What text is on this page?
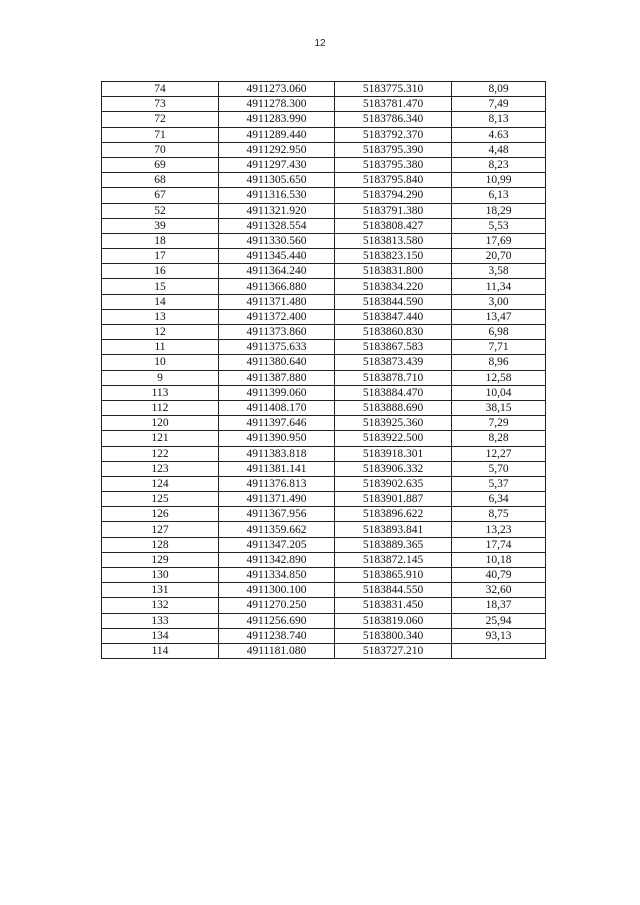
12
74	4911273.060	5183775.310	8,09
73	4911278.300	5183781.470	7,49
72	4911283.990	5183786.340	8,13
71	4911289.440	5183792.370	4.63
70	4911292.950	5183795.390	4,48
69	4911297.430	5183795.380	8,23
68	4911305.650	5183795.840	10,99
67	4911316.530	5183794.290	6,13
52	4911321.920	5183791.380	18,29
39	4911328.554	5183808.427	5,53
18	4911330.560	5183813.580	17,69
17	4911345.440	5183823.150	20,70
16	4911364.240	5183831.800	3,58
15	4911366.880	5183834.220	11,34
14	4911371.480	5183844.590	3,00
13	4911372.400	5183847.440	13,47
12	4911373.860	5183860.830	6,98
11	4911375.633	5183867.583	7,71
10	4911380.640	5183873.439	8,96
9	4911387.880	5183878.710	12,58
113	4911399.060	5183884.470	10,04
112	4911408.170	5183888.690	38,15
120	4911397.646	5183925.360	7,29
121	4911390.950	5183922.500	8,28
122	4911383.818	5183918.301	12,27
123	4911381.141	5183906.332	5,70
124	4911376.813	5183902.635	5,37
125	4911371.490	5183901.887	6,34
126	4911367.956	5183896.622	8,75
127	4911359.662	5183893.841	13,23
128	4911347.205	5183889.365	17,74
129	4911342.890	5183872.145	10,18
130	4911334.850	5183865.910	40,79
131	4911300.100	5183844.550	32,60
132	4911270.250	5183831.450	18,37
133	4911256.690	5183819.060	25,94
134	4911238.740	5183800.340	93,13
114	4911181.080	5183727.210	
